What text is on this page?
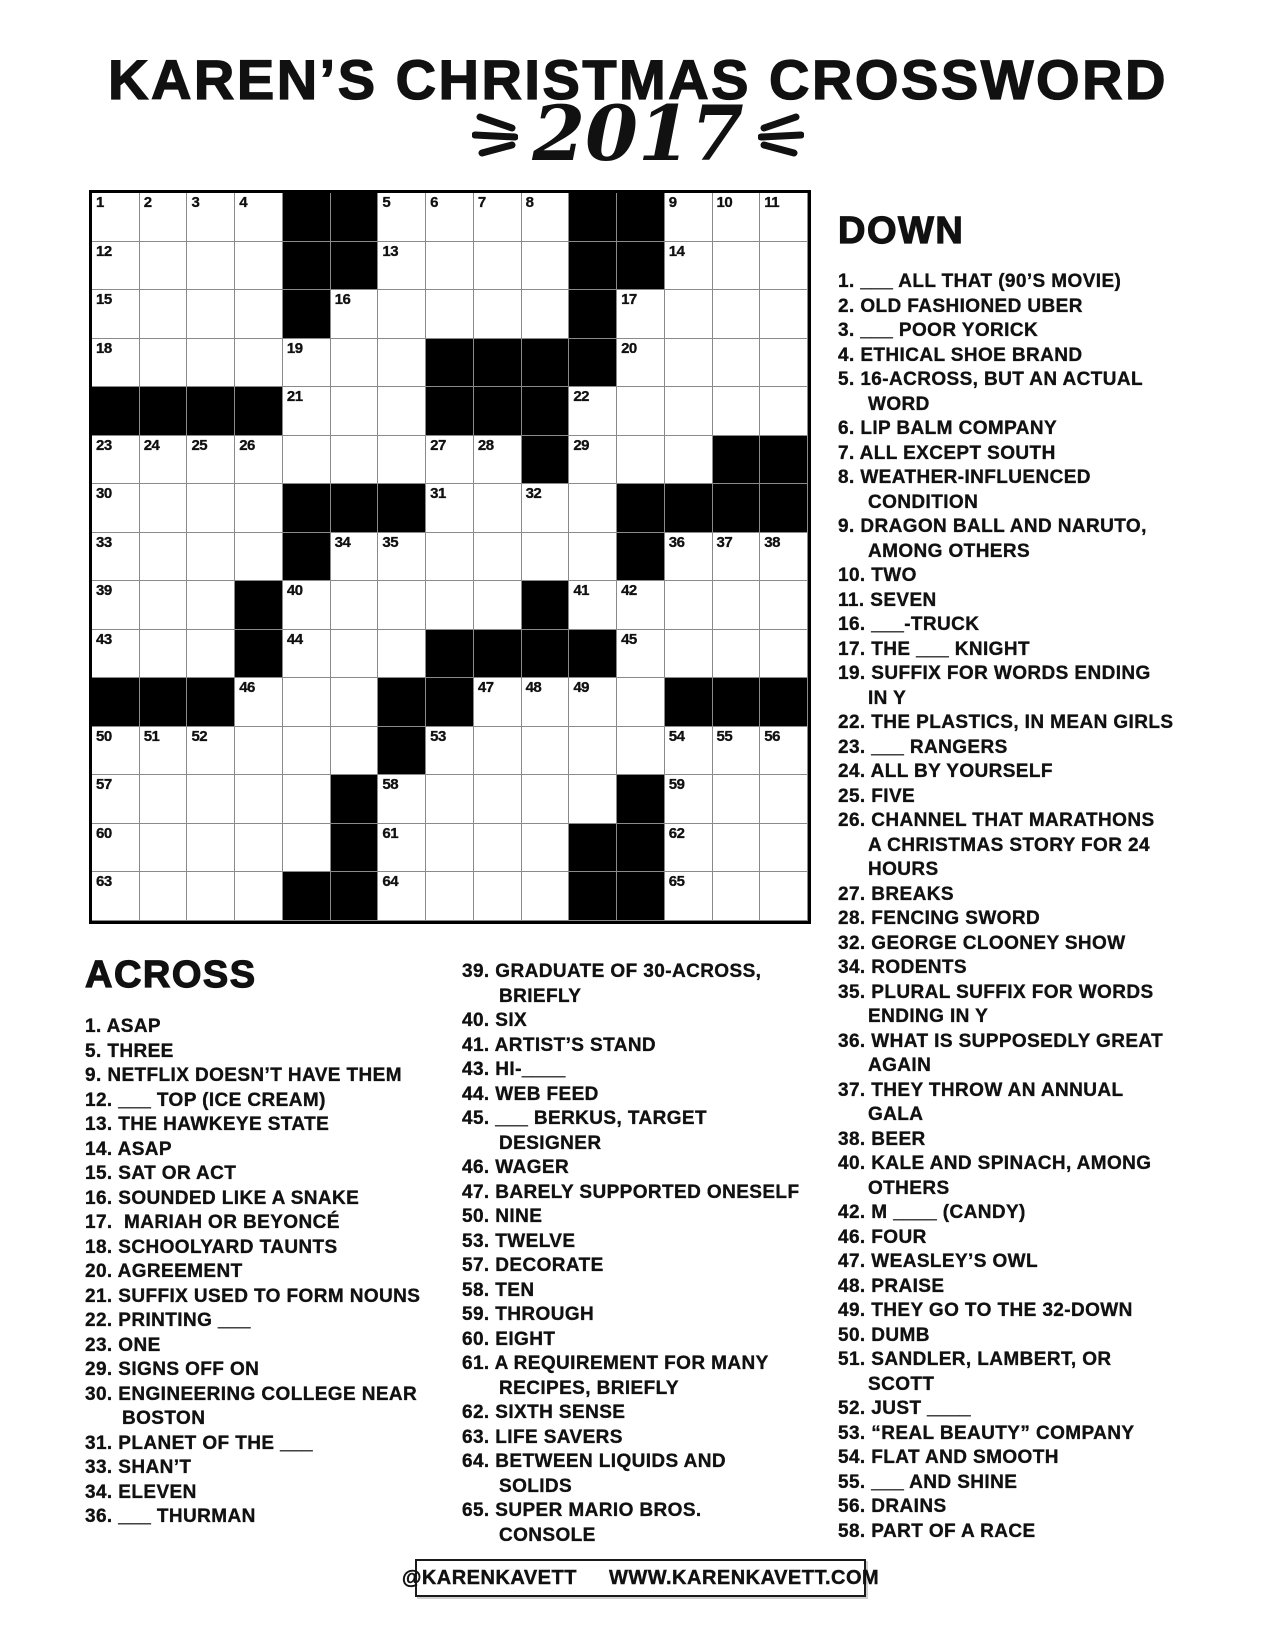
KAREN’S CHRISTMAS CROSSWORD
2017
1	2	3	4	5	6	7	8	9	10 11
12	13	14
15	16	17
18	19	20
21	22
23 24 25 26	27 28	29
30	31	32
33	34 35	36 37 38
39	40	41 42
43	44	45
46	47 48 49
50 51 52	53	54 55 56
57	58	59
60	61	62
63	64	65
ACROSS
1. ASAP
5. THREE
9. NETFLIX DOESN’T HAVE THEM
12. ___ TOP (ICE CREAM)
13. THE HAWKEYE STATE
14. ASAP
15. SAT OR ACT
16. SOUNDED LIKE A SNAKE
17.  MARIAH OR BEYONCÉ
18. SCHOOLYARD TAUNTS
20. AGREEMENT
21. SUFFIX USED TO FORM NOUNS
22. PRINTING ___
23. ONE
29. SIGNS OFF ON
30. ENGINEERING COLLEGE NEAR
BOSTON
31. PLANET OF THE ___
33. SHAN’T
34. ELEVEN
36. ___ THURMAN
39. GRADUATE OF 30-ACROSS,
BRIEFLY
40. SIX
41. ARTIST’S STAND
43. HI-____
44. WEB FEED
45. ___ BERKUS, TARGET
DESIGNER
46. WAGER
47. BARELY SUPPORTED ONESELF
50. NINE
53. TWELVE
57. DECORATE
58. TEN
59. THROUGH
60. EIGHT
61. A REQUIREMENT FOR MANY
RECIPES, BRIEFLY
62. SIXTH SENSE
63. LIFE SAVERS
64. BETWEEN LIQUIDS AND
SOLIDS
65. SUPER MARIO BROS.
CONSOLE
DOWN
1. ___ ALL THAT (90’S MOVIE)
2. OLD FASHIONED UBER
3. ___ POOR YORICK
4. ETHICAL SHOE BRAND
5. 16-ACROSS, BUT AN ACTUAL
WORD
6. LIP BALM COMPANY
7. ALL EXCEPT SOUTH
8. WEATHER-INFLUENCED
CONDITION
9. DRAGON BALL AND NARUTO,
AMONG OTHERS
10. TWO
11. SEVEN
16. ___-TRUCK
17. THE ___ KNIGHT
19. SUFFIX FOR WORDS ENDING
IN Y
22. THE PLASTICS, IN MEAN GIRLS
23. ___ RANGERS
24. ALL BY YOURSELF
25. FIVE
26. CHANNEL THAT MARATHONS
A CHRISTMAS STORY FOR 24
HOURS
27. BREAKS
28. FENCING SWORD
32. GEORGE CLOONEY SHOW
34. RODENTS
35. PLURAL SUFFIX FOR WORDS
ENDING IN Y
36. WHAT IS SUPPOSEDLY GREAT
AGAIN
37. THEY THROW AN ANNUAL
GALA
38. BEER
40. KALE AND SPINACH, AMONG
OTHERS
42. M ____ (CANDY)
46. FOUR
47. WEASLEY’S OWL
48. PRAISE
49. THEY GO TO THE 32-DOWN
50. DUMB
51. SANDLER, LAMBERT, OR
SCOTT
52. JUST ____
53. “REAL BEAUTY” COMPANY
54. FLAT AND SMOOTH
55. ___ AND SHINE
56. DRAINS
58. PART OF A RACE
@KARENKAVETT WWW.KARENKAVETT.COM
